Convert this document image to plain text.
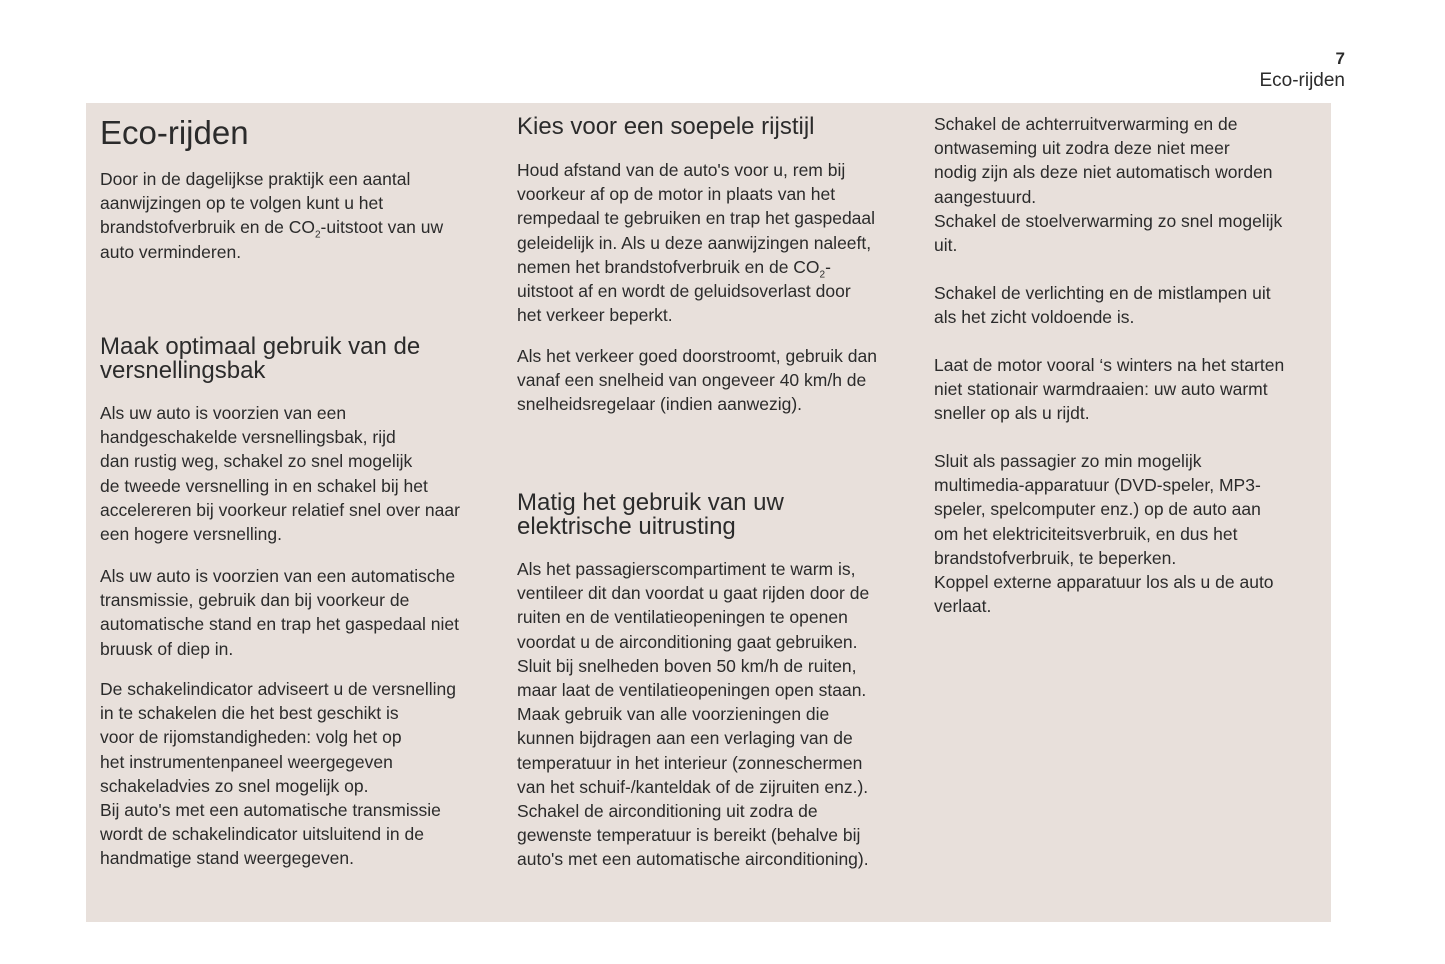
7
Eco-rijden
Eco-rijden

Door in de dagelijkse praktijk een aantal
aanwijzingen op te volgen kunt u het
brandstofverbruik en de $CO_2$-uitstoot van uw
auto verminderen.

Maak optimaal gebruik van de versnellingsbak

Als uw auto is voorzien van een
handgeschakelde versnellingsbak, rijd
dan rustig weg, schakel zo snel mogelijk
de tweede versnelling in en schakel bij het
accelereren bij voorkeur relatief snel over naar
een hogere versnelling.

Als uw auto is voorzien van een automatische
transmissie, gebruik dan bij voorkeur de
automatische stand en trap het gaspedaal niet
bruusk of diep in.

De schakelindicator adviseert u de versnelling
in te schakelen die het best geschikt is
voor de rijomstandigheden: volg het op
het instrumentenpaneel weergegeven
schakeladvies zo snel mogelijk op.
Bij auto's met een automatische transmissie
wordt de schakelindicator uitsluitend in de
handmatige stand weergegeven.

Kies voor een soepele rijstijl

Houd afstand van de auto's voor u, rem bij
voorkeur af op de motor in plaats van het
rempedaal te gebruiken en trap het gaspedaal
geleidelijk in. Als u deze aanwijzingen naleeft,
nemen het brandstofverbruik en de $CO_2-$
uitstoot af en wordt de geluidsoverlast door
het verkeer beperkt.

Als het verkeer goed doorstroomt, gebruik dan
vanaf een snelheid van ongeveer 40 km/h de
snelheidsregelaar (indien aanwezig).

Matig het gebruik van uw elektrische uitrusting

Als het passagierscompartiment te warm is,
ventileer dit dan voordat u gaat rijden door de
ruiten en de ventilatieopeningen te openen
voordat u de airconditioning gaat gebruiken.
Sluit bij snelheden boven 50 km/h de ruiten,
maar laat de ventilatieopeningen open staan.
Maak gebruik van alle voorzieningen die
kunnen bijdragen aan een verlaging van de
temperatuur in het interieur (zonneschermen
van het schuif-/kanteldak of de zijruiten enz.).
Schakel de airconditioning uit zodra de
gewenste temperatuur is bereikt (behalve bij
auto's met een automatische airconditioning).

Schakel de achterruitverwarming en de
ontwaseming uit zodra deze niet meer
nodig zijn als deze niet automatisch worden
aangestuurd.
Schakel de stoelverwarming zo snel mogelijk
uit.

Schakel de verlichting en de mistlampen uit
als het zicht voldoende is.

Laat de motor vooral ‘s winters na het starten
niet stationair warmdraaien: uw auto warmt
sneller op als u rijdt.

Sluit als passagier zo min mogelijk
multimedia-apparatuur (DVD-speler, MP3-
speler, spelcomputer enz.) op de auto aan
om het elektriciteitsverbruik, en dus het
brandstofverbruik, te beperken.
Koppel externe apparatuur los als u de auto
verlaat.
